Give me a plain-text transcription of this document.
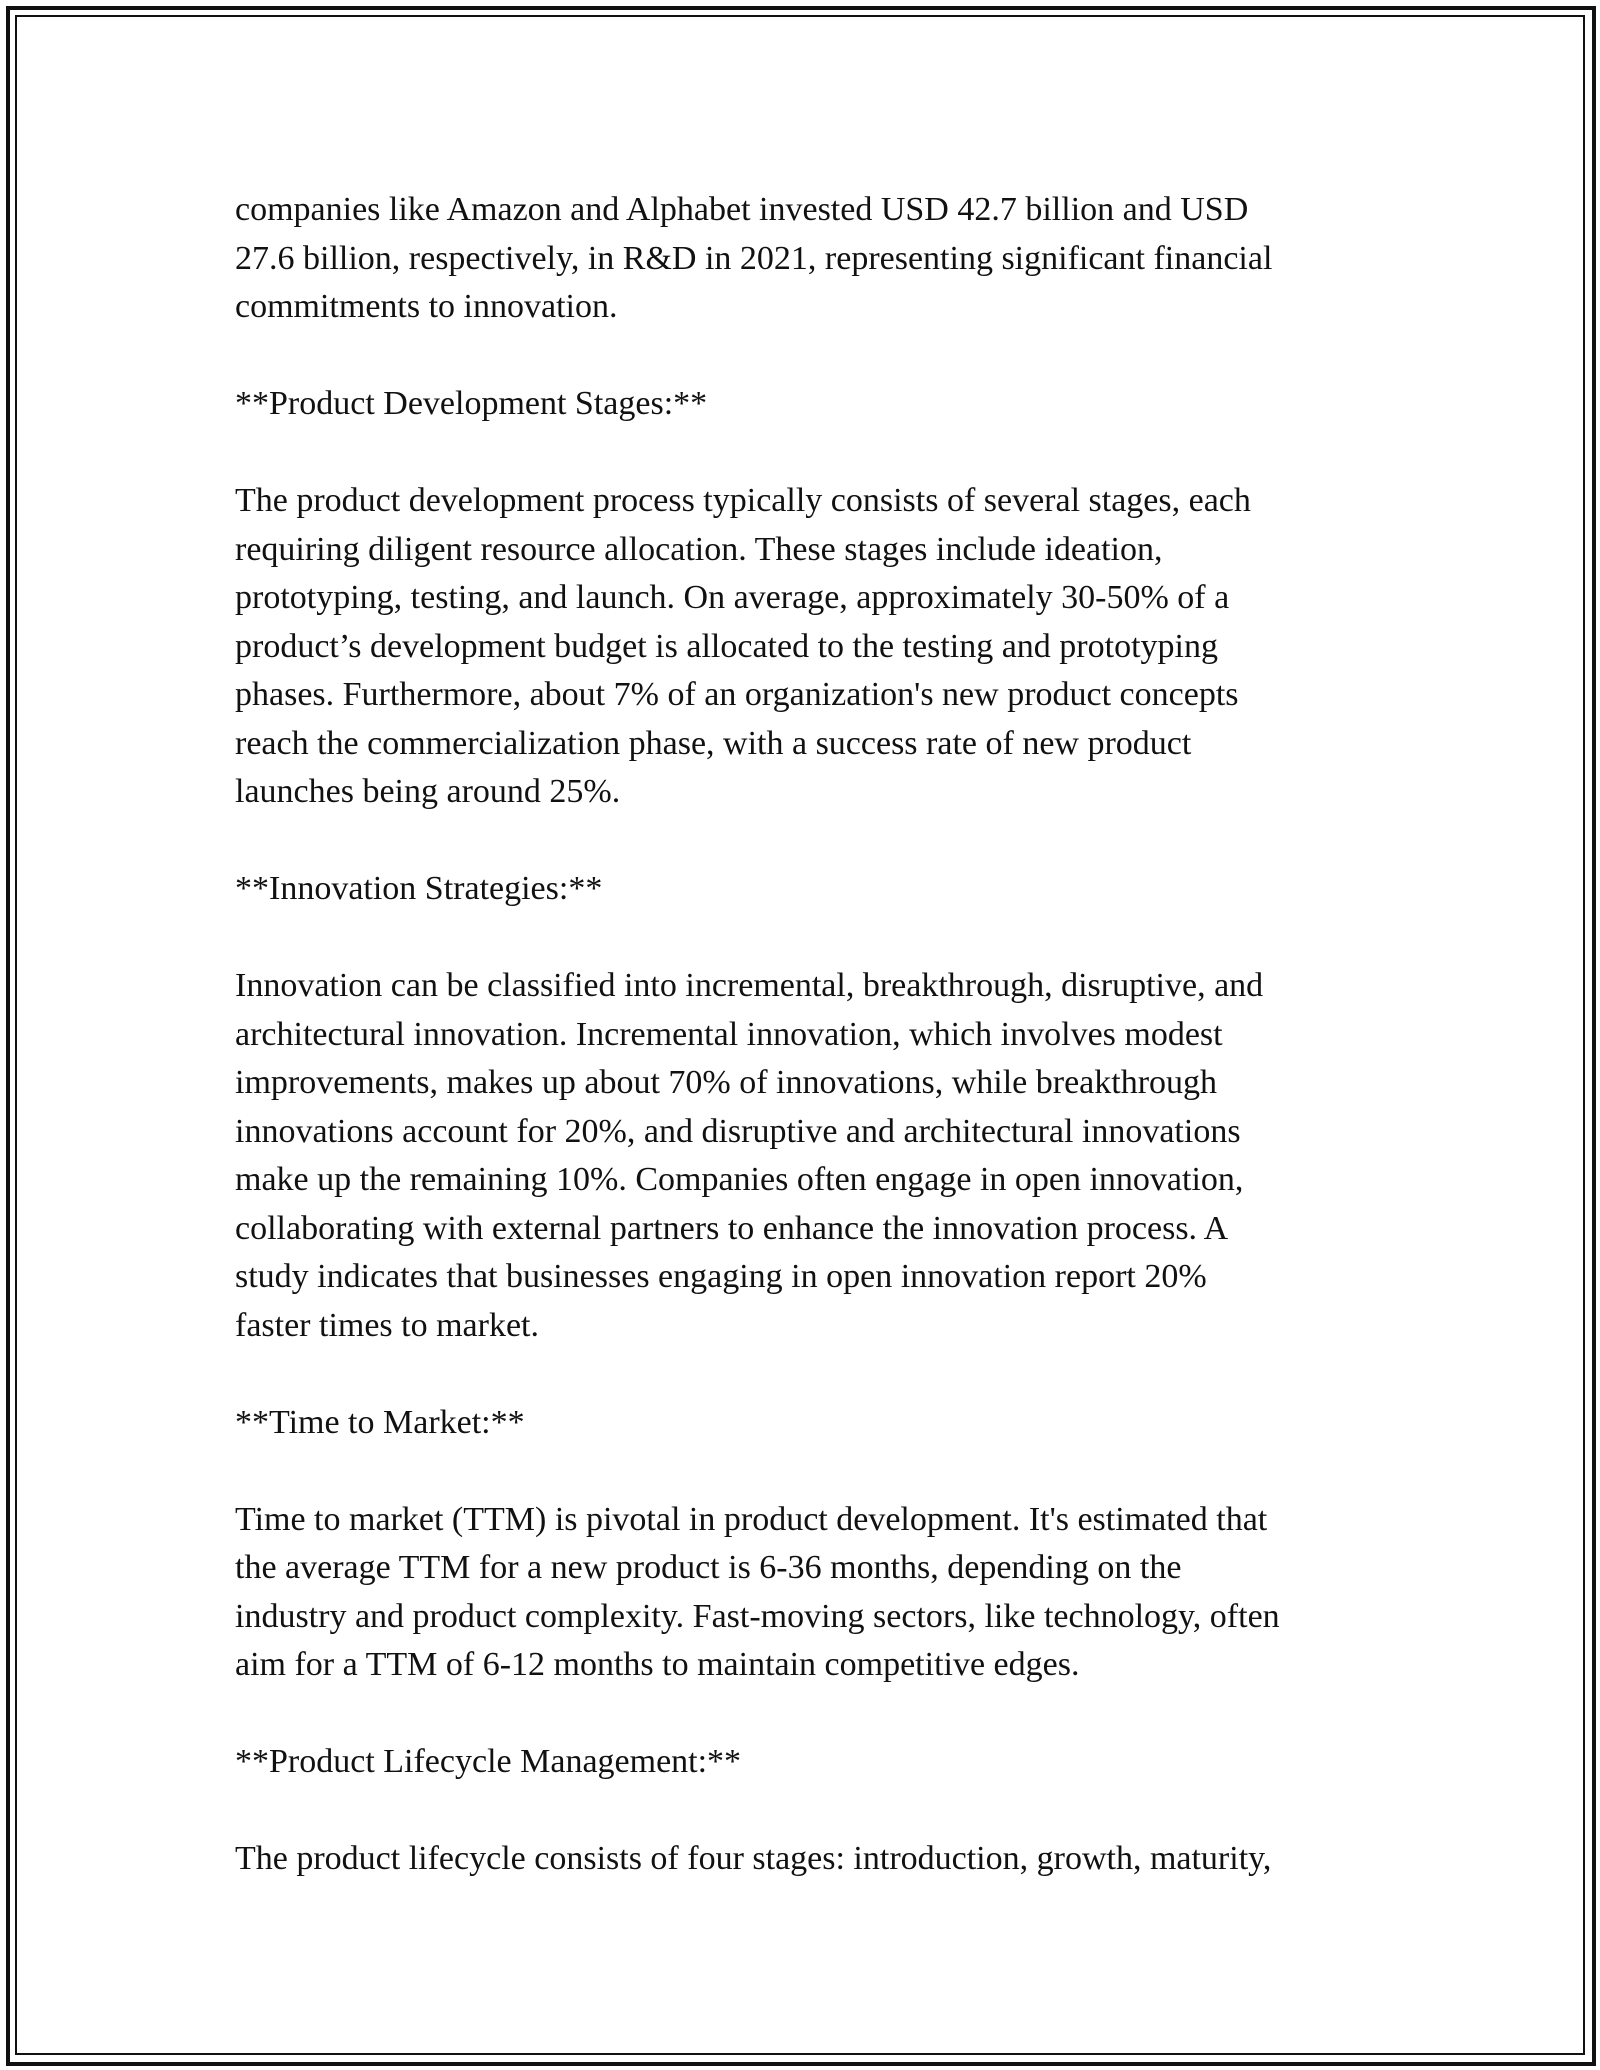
companies like Amazon and Alphabet invested USD 42.7 billion and USD
27.6 billion, respectively, in R&D in 2021, representing significant financial
commitments to innovation.
**Product Development Stages:**
The product development process typically consists of several stages, each
requiring diligent resource allocation. These stages include ideation,
prototyping, testing, and launch. On average, approximately 30-50% of a
product’s development budget is allocated to the testing and prototyping
phases. Furthermore, about 7% of an organization's new product concepts
reach the commercialization phase, with a success rate of new product
launches being around 25%.
**Innovation Strategies:**
Innovation can be classified into incremental, breakthrough, disruptive, and
architectural innovation. Incremental innovation, which involves modest
improvements, makes up about 70% of innovations, while breakthrough
innovations account for 20%, and disruptive and architectural innovations
make up the remaining 10%. Companies often engage in open innovation,
collaborating with external partners to enhance the innovation process. A
study indicates that businesses engaging in open innovation report 20%
faster times to market.
**Time to Market:**
Time to market (TTM) is pivotal in product development. It's estimated that
the average TTM for a new product is 6-36 months, depending on the
industry and product complexity. Fast-moving sectors, like technology, often
aim for a TTM of 6-12 months to maintain competitive edges.
**Product Lifecycle Management:**
The product lifecycle consists of four stages: introduction, growth, maturity,
